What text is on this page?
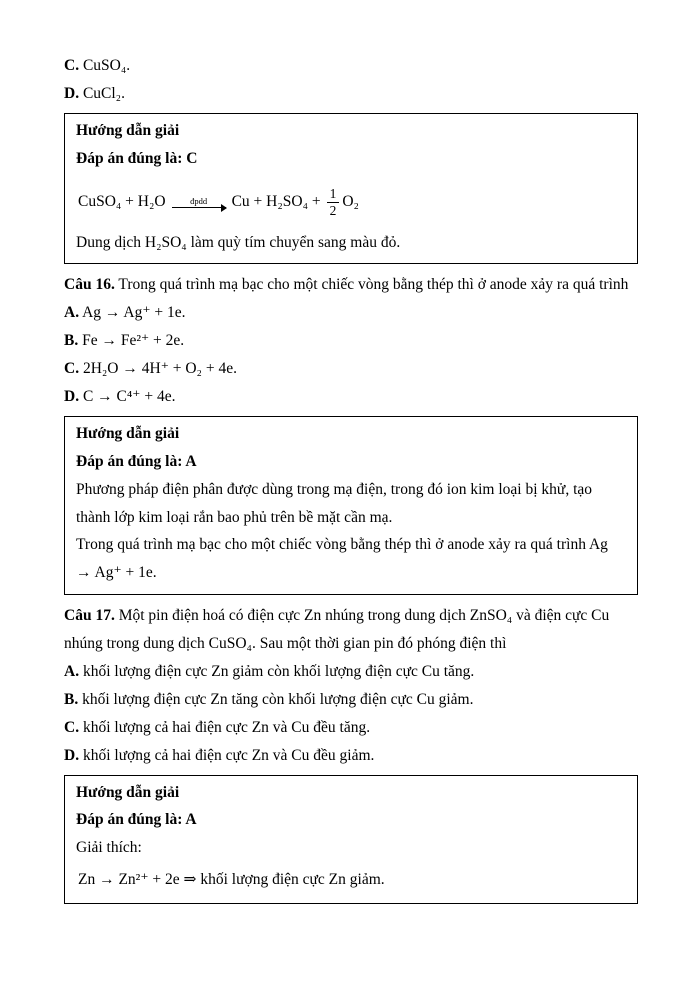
C. CuSO₄.

D. CuCl₂.

Hướng dẫn giải

Đáp án đúng là: C

CuSO₄ + H₂O	đpdd $Cu + H_2SO_4 + \frac{1}{2} O_2$

Dung dịch H₂SO₄ làm quỳ tím chuyển sang màu đỏ.

Câu 16. Trong quá trình mạ bạc cho một chiếc vòng bằng thép thì ở anode xảy ra quá trình

A. Ag → Ag⁺ + 1e.

B. Fe → Fe²⁺ + 2e.

C. 2H₂O → 4H⁺ + O₂ + 4e.

D. C → C⁴⁺ + 4e.

Hướng dẫn giải

Đáp án đúng là: A

Phương pháp điện phân được dùng trong mạ điện, trong đó ion kim loại bị khử, tạo thành lớp kim loại rắn bao phủ trên bề mặt cần mạ.

Trong quá trình mạ bạc cho một chiếc vòng bằng thép thì ở anode xảy ra quá trình Ag → Ag⁺ + 1e.

Câu 17. Một pin điện hoá có điện cực Zn nhúng trong dung dịch ZnSO₄ và điện cực Cu nhúng trong dung dịch CuSO₄. Sau một thời gian pin đó phóng điện thì

A. khối lượng điện cực Zn giảm còn khối lượng điện cực Cu tăng.

B. khối lượng điện cực Zn tăng còn khối lượng điện cực Cu giảm.

C. khối lượng cả hai điện cực Zn và Cu đều tăng.

D. khối lượng cả hai điện cực Zn và Cu đều giảm.

Hướng dẫn giải

Đáp án đúng là: A

Giải thích:

Zn → Zn²⁺ + 2e ⇒ khối lượng điện cực Zn giảm.
